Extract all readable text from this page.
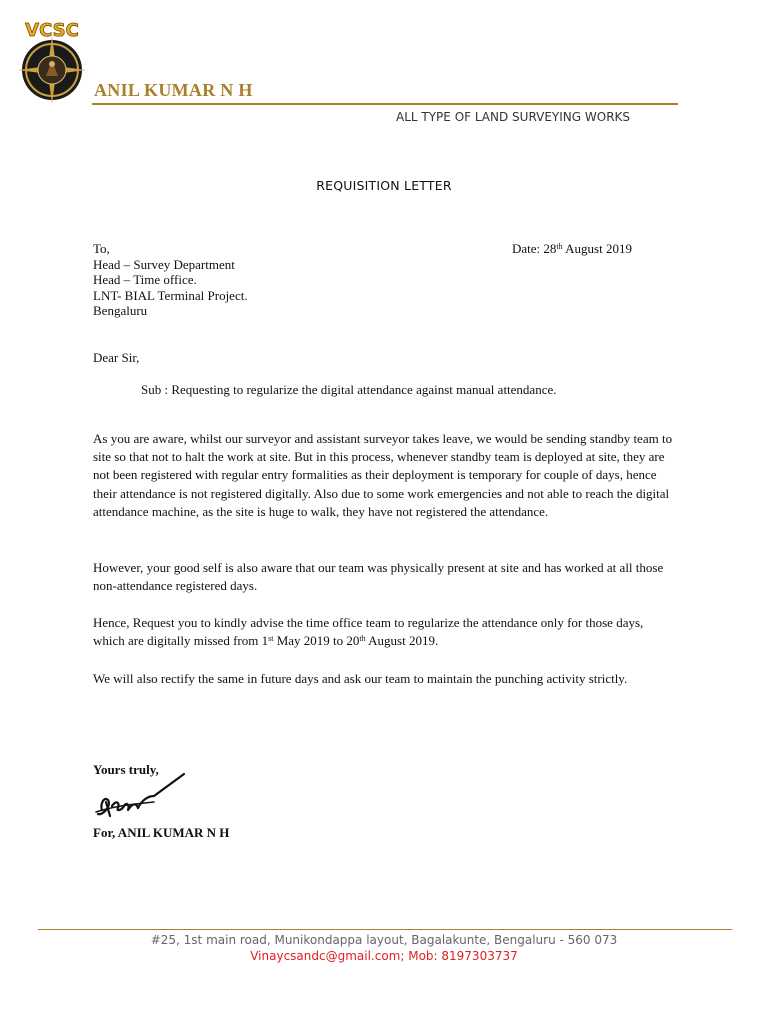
VCSC
ANIL KUMAR N H
ALL TYPE OF LAND SURVEYING WORKS
REQUISITION LETTER
To,
Head – Survey Department
Head – Time office.
LNT- BIAL Terminal Project.
Bengaluru
Date: 28th August 2019
Dear Sir,
Sub : Requesting to regularize the digital attendance against manual attendance.
As you are aware, whilst our surveyor and assistant surveyor takes leave, we would be sending standby team to site so that not to halt the work at site. But in this process, whenever standby team is deployed at site, they are not been registered with regular entry formalities as their deployment is temporary for couple of days, hence their attendance is not registered digitally. Also due to some work emergencies and not able to reach the digital attendance machine, as the site is huge to walk, they have not registered the attendance.
However, your good self is also aware that our team was physically present at site and has worked at all those non-attendance registered days.
Hence, Request you to kindly advise the time office team to regularize the attendance only for those days, which are digitally missed from 1st May 2019 to 20th August 2019.
We will also rectify the same in future days and ask our team to maintain the punching activity strictly.
Yours truly,
For, ANIL KUMAR N H
#25, 1st main road, Munikondappa layout, Bagalakunte, Bengaluru - 560 073
Vinaycsandc@gmail.com; Mob: 8197303737
